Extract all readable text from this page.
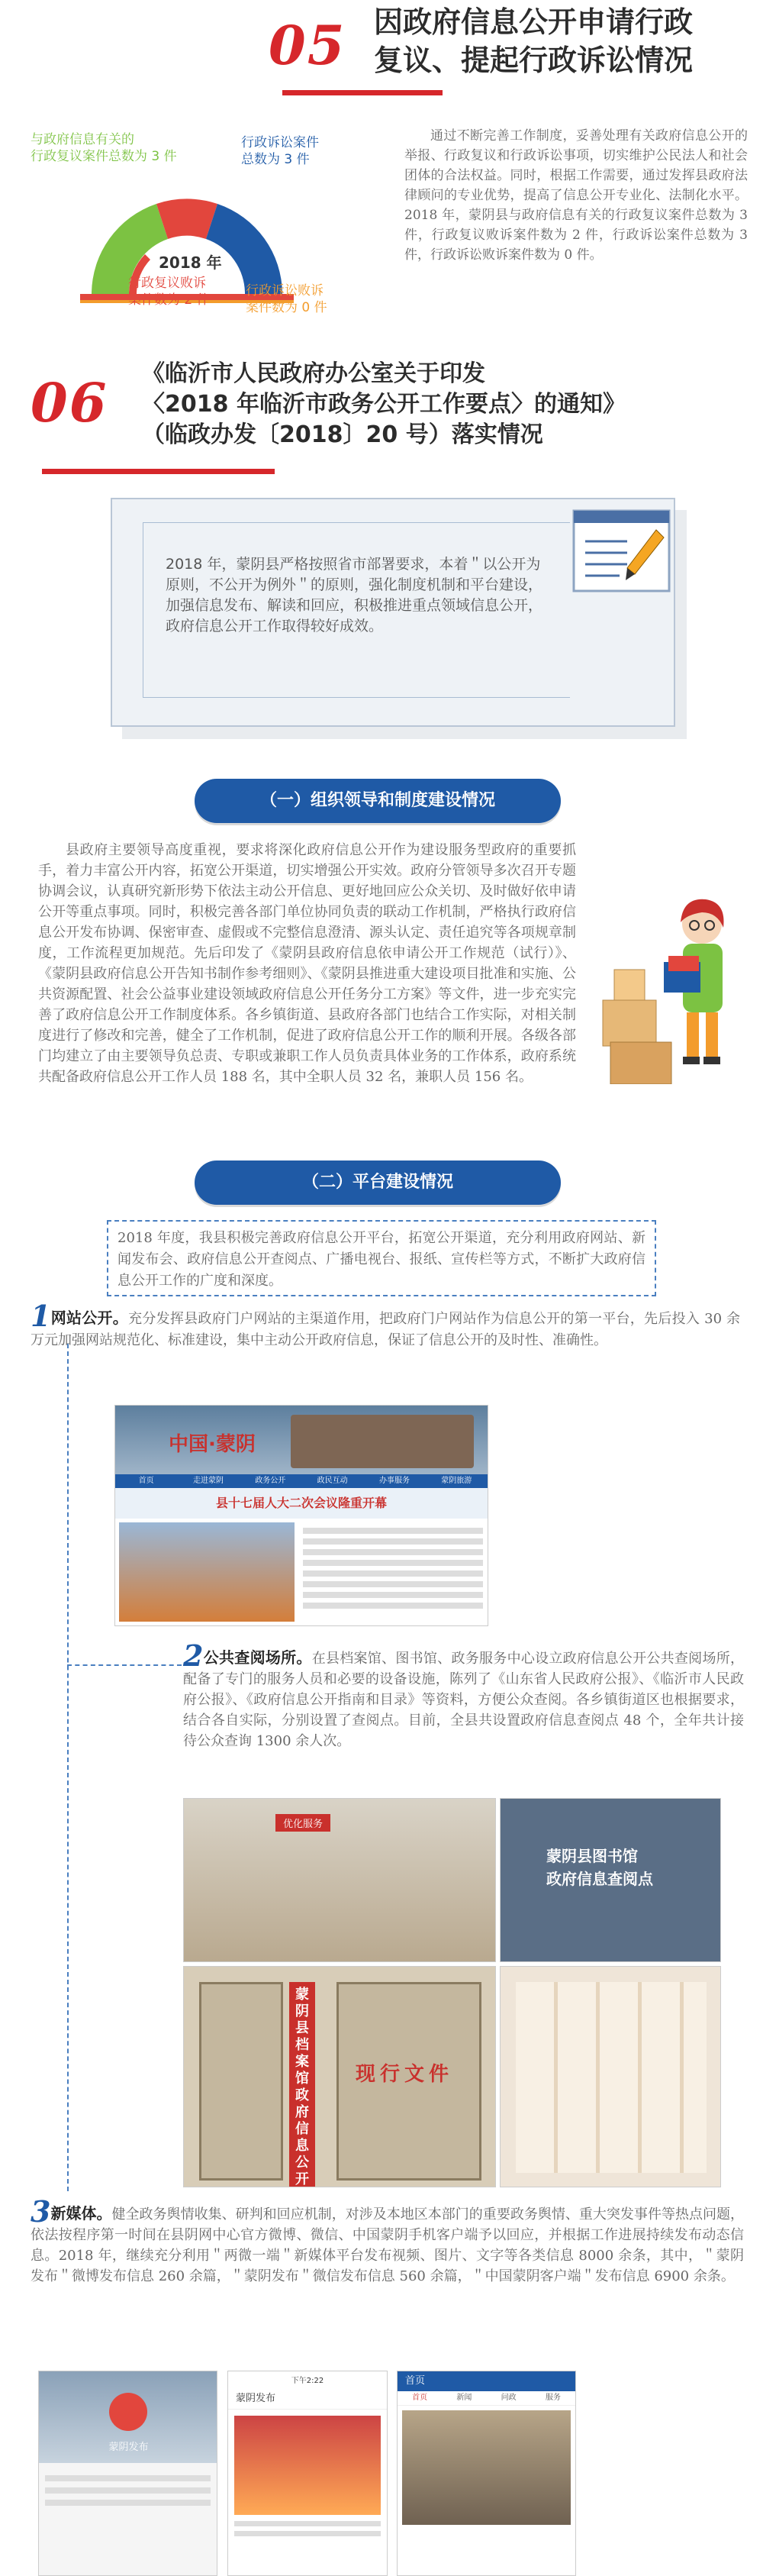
05 因政府信息公开申请行政
复议、提起行政诉讼情况
2018 年
与政府信息有关的
行政复议案件总数为 3 件
行政诉讼案件
总数为 3 件
行政复议败诉
案件数为 2 件
行政诉讼败诉
案件数为 0 件
通过不断完善工作制度，妥善处理有关政府信息公开的举报、行政复议和行政诉讼事项，切实维护公民法人和社会团体的合法权益。同时，根据工作需要，通过发挥县政府法律顾问的专业优势，提高了信息公开专业化、法制化水平。2018 年，蒙阴县与政府信息有关的行政复议案件总数为 3 件，行政复议败诉案件数为 2 件，行政诉讼案件总数为 3 件，行政诉讼败诉案件数为 0 件。
06 《临沂市人民政府办公室关于印发
〈2018 年临沂市政务公开工作要点〉的通知》
（临政办发〔2018〕20 号）落实情况
2018 年，蒙阴县严格按照省市部署要求，本着＂以公开为原则，不公开为例外＂的原则，强化制度机制和平台建设，加强信息发布、解读和回应，积极推进重点领域信息公开，政府信息公开工作取得较好成效。
（一）组织领导和制度建设情况
县政府主要领导高度重视，要求将深化政府信息公开作为建设服务型政府的重要抓手，着力丰富公开内容，拓宽公开渠道，切实增强公开实效。政府分管领导多次召开专题协调会议，认真研究新形势下依法主动公开信息、更好地回应公众关切、及时做好依申请公开等重点事项。同时，积极完善各部门单位协同负责的联动工作机制，严格执行政府信息公开发布协调、保密审查、虚假或不完整信息澄清、源头认定、责任追究等各项规章制度，工作流程更加规范。先后印发了《蒙阴县政府信息依申请公开工作规范（试行）》、《蒙阴县政府信息公开告知书制作参考细则》、《蒙阴县推进重大建设项目批准和实施、公共资源配置、社会公益事业建设领域政府信息公开任务分工方案》等文件，进一步充实完善了政府信息公开工作制度体系。各乡镇街道、县政府各部门也结合工作实际，对相关制度进行了修改和完善，健全了工作机制，促进了政府信息公开工作的顺利开展。各级各部门均建立了由主要领导负总责、专职或兼职工作人员负责具体业务的工作体系，政府系统共配备政府信息公开工作人员 188 名，其中全职人员 32 名，兼职人员 156 名。
（二）平台建设情况
2018 年度，我县积极完善政府信息公开平台，拓宽公开渠道，充分利用政府网站、新闻发布会、政府信息公开查阅点、广播电视台、报纸、宣传栏等方式，不断扩大政府信息公开工作的广度和深度。
1网站公开。充分发挥县政府门户网站的主渠道作用，把政府门户网站作为信息公开的第一平台，先后投入 30 余万元加强网站规范化、标准建设，集中主动公开政府信息，保证了信息公开的及时性、准确性。
中国·蒙阴
首页	走进蒙阴	政务公开	政民互动	办事服务	蒙阴旅游
县十七届人大二次会议隆重开幕
2公共查阅场所。在县档案馆、图书馆、政务服务中心设立政府信息公开公共查阅场所，配备了专门的服务人员和必要的设备设施，陈列了《山东省人民政府公报》、《临沂市人民政府公报》、《政府信息公开指南和目录》等资料，方便公众查阅。各乡镇街道区也根据要求，结合各自实际，分别设置了查阅点。目前，全县共设置政府信息查阅点 48 个，全年共计接待公众查询 1300 余人次。
优化服务
蒙阴县图书馆
政府信息查阅点
蒙阴县档案馆政府信息公开
现行文件
3新媒体。健全政务舆情收集、研判和回应机制，对涉及本地区本部门的重要政务舆情、重大突发事件等热点问题，依法按程序第一时间在县阴网中心官方微博、微信、中国蒙阴手机客户端予以回应，并根据工作进展持续发布动态信息。2018 年，继续充分利用＂两微一端＂新媒体平台发布视频、图片、文字等各类信息 8000 余条，其中，＂蒙阴发布＂微博发布信息 260 余篇，＂蒙阴发布＂微信发布信息 560 余篇，＂中国蒙阴客户端＂发布信息 6900 余条。
蒙阴发布
下午2:22
蒙阴发布
首页
首页	新闻	问政	服务
